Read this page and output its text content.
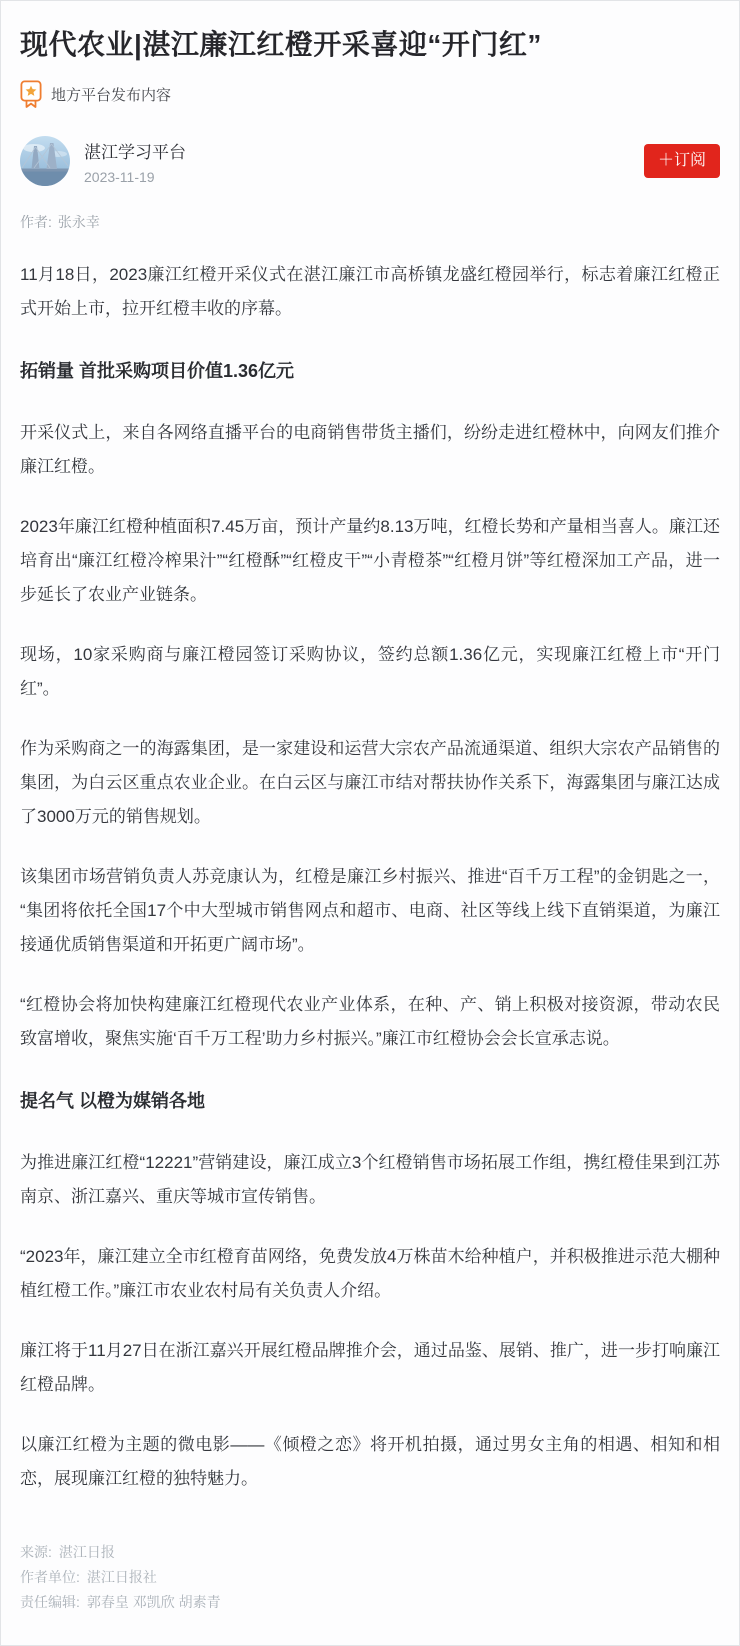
现代农业|湛江廉江红橙开采喜迎“开门红”
地方平台发布内容
湛江学习平台
2023-11-19
＋订阅

作者: 张永幸

11月18日，2023廉江红橙开采仪式在湛江廉江市高桥镇龙盛红橙园举行，标志着廉江红橙正式开始上市，拉开红橙丰收的序幕。

拓销量 首批采购项目价值1.36亿元

开采仪式上，来自各网络直播平台的电商销售带货主播们，纷纷走进红橙林中，向网友们推介廉江红橙。

2023年廉江红橙种植面积7.45万亩，预计产量约8.13万吨，红橙长势和产量相当喜人。廉江还培育出“廉江红橙冷榨果汁”“红橙酥”“红橙皮干”“小青橙茶”“红橙月饼”等红橙深加工产品，进一步延长了农业产业链条。

现场，10家采购商与廉江橙园签订采购协议，签约总额1.36亿元，实现廉江红橙上市“开门红”。

作为采购商之一的海露集团，是一家建设和运营大宗农产品流通渠道、组织大宗农产品销售的集团，为白云区重点农业企业。在白云区与廉江市结对帮扶协作关系下，海露集团与廉江达成了3000万元的销售规划。

该集团市场营销负责人苏竞康认为，红橙是廉江乡村振兴、推进“百千万工程”的金钥匙之一，“集团将依托全国17个中大型城市销售网点和超市、电商、社区等线上线下直销渠道，为廉江接通优质销售渠道和开拓更广阔市场”。

“红橙协会将加快构建廉江红橙现代农业产业体系，在种、产、销上积极对接资源，带动农民致富增收，聚焦实施‘百千万工程’助力乡村振兴。”廉江市红橙协会会长宣承志说。

提名气 以橙为媒销各地

为推进廉江红橙“12221”营销建设，廉江成立3个红橙销售市场拓展工作组，携红橙佳果到江苏南京、浙江嘉兴、重庆等城市宣传销售。

“2023年，廉江建立全市红橙育苗网络，免费发放4万株苗木给种植户，并积极推进示范大棚种植红橙工作。”廉江市农业农村局有关负责人介绍。

廉江将于11月27日在浙江嘉兴开展红橙品牌推介会，通过品鉴、展销、推广，进一步打响廉江红橙品牌。

以廉江红橙为主题的微电影——《倾橙之恋》将开机拍摄，通过男女主角的相遇、相知和相恋，展现廉江红橙的独特魅力。

来源: 湛江日报

作者单位: 湛江日报社

责任编辑: 郭春皇 邓凯欣 胡素青
